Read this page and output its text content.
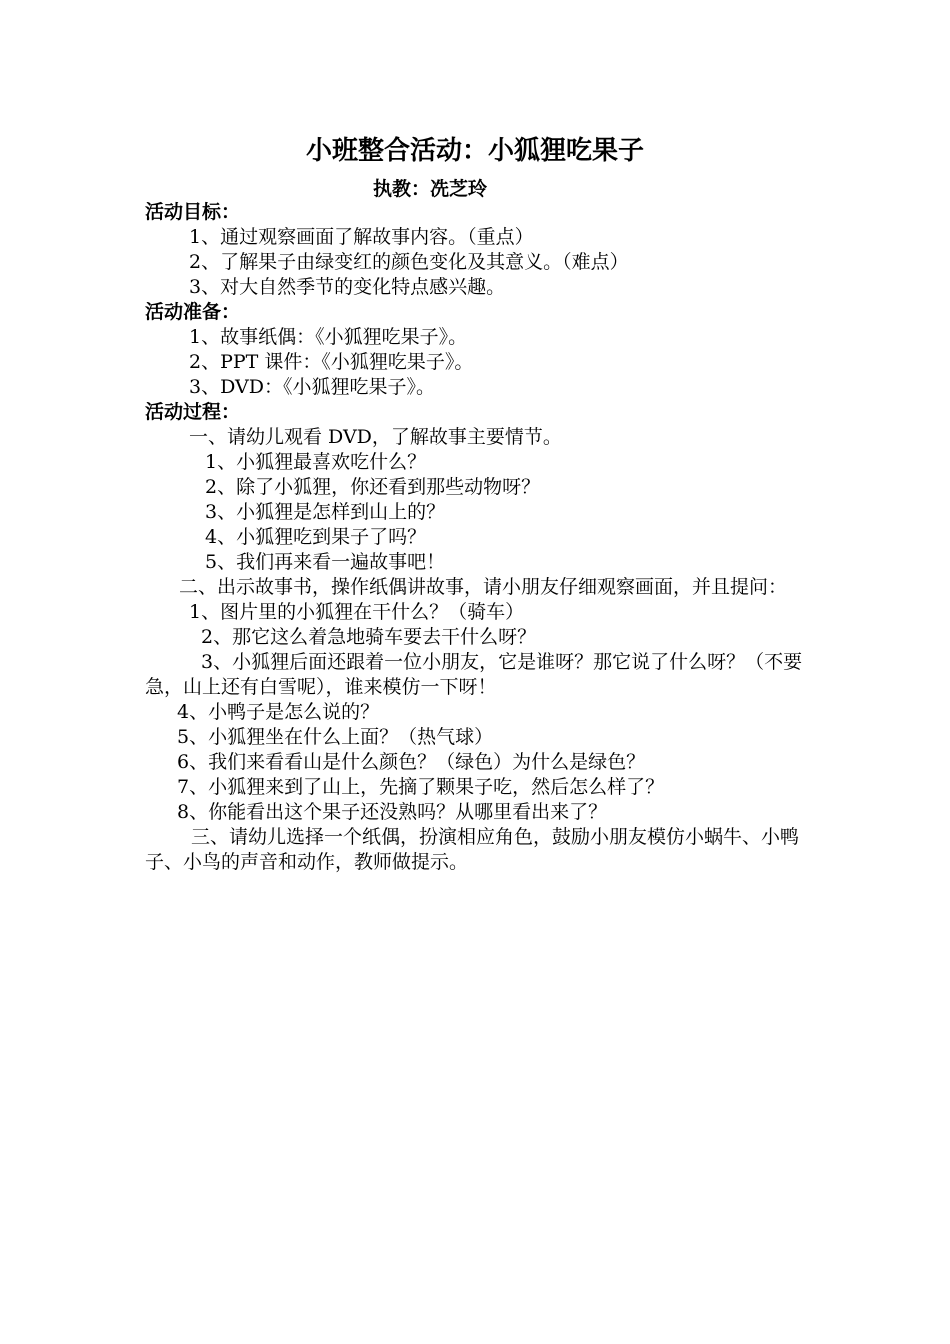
小班整合活动：小狐狸吃果子
执教：冼芝玲
活动目标：
1、通过观察画面了解故事内容。（重点）
2、了解果子由绿变红的颜色变化及其意义。（难点）
3、对大自然季节的变化特点感兴趣。
活动准备：
1、故事纸偶：《小狐狸吃果子》。
2、PPT 课件：《小狐狸吃果子》。
3、DVD：《小狐狸吃果子》。
活动过程：
一、请幼儿观看 DVD，了解故事主要情节。
1、小狐狸最喜欢吃什么？
2、除了小狐狸，你还看到那些动物呀？
3、小狐狸是怎样到山上的？
4、小狐狸吃到果子了吗？
5、我们再来看一遍故事吧！
二、出示故事书，操作纸偶讲故事，请小朋友仔细观察画面，并且提问：
1、图片里的小狐狸在干什么？（骑车）
2、那它这么着急地骑车要去干什么呀？
3、小狐狸后面还跟着一位小朋友，它是谁呀？那它说了什么呀？（不要急，山上还有白雪呢），谁来模仿一下呀！
4、小鸭子是怎么说的？
5、小狐狸坐在什么上面？（热气球）
6、我们来看看山是什么颜色？（绿色）为什么是绿色？
7、小狐狸来到了山上，先摘了颗果子吃，然后怎么样了？
8、你能看出这个果子还没熟吗？从哪里看出来了？
三、请幼儿选择一个纸偶，扮演相应角色，鼓励小朋友模仿小蜗牛、小鸭子、小鸟的声音和动作，教师做提示。
